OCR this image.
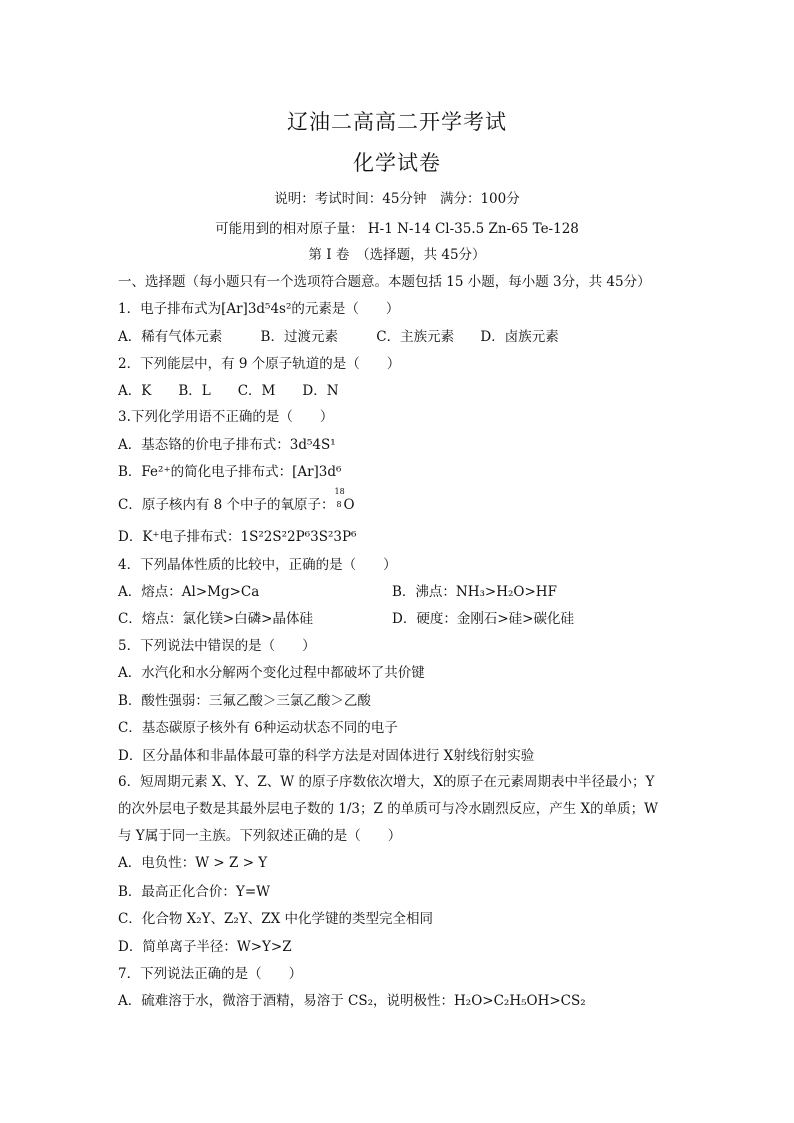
辽油二高高二开学考试
化学试卷
说明：考试时间：45分钟　满分：100分
可能用到的相对原子量： H-1 N-14 Cl-35.5 Zn-65 Te-128
第 I 卷　（选择题，共 45分）
一、选择题（每小题只有一个选项符合题意。本题包括 15 小题，每小题 3分，共 45分）
1．电子排布式为[Ar]3d⁵4s²的元素是（　　）
A．稀有气体元素	B．过渡元素	C．主族元素 D．卤族元素
2．下列能层中，有 9 个原子轨道的是（　　）
A．K　　B．L　　C．M　　D．N
3.下列化学用语不正确的是（　　）
A．基态铬的价电子排布式：3d⁵4S¹
B．Fe²⁺的简化电子排布式：[Ar]3d⁶
C．原子核内有 8 个中子的氧原子：
18
8 O
D．K⁺电子排布式：1S²2S²2P⁶3S²3P⁶
4．下列晶体性质的比较中，正确的是（　　）
A．熔点：Al>Mg>Ca	B．沸点：NH₃>H₂O>HF
C．熔点：氯化镁>白磷>晶体硅	D．硬度：金刚石>硅>碳化硅
5．下列说法中错误的是（　　）
A．水汽化和水分解两个变化过程中都破坏了共价键
B．酸性强弱：三氟乙酸＞三氯乙酸＞乙酸
C．基态碳原子核外有 6种运动状态不同的电子
D．区分晶体和非晶体最可靠的科学方法是对固体进行 X射线衍射实验
6．短周期元素 X、Y、Z、W 的原子序数依次增大，X的原子在元素周期表中半径最小；Y
的次外层电子数是其最外层电子数的 1/3；Z 的单质可与冷水剧烈反应，产生 X的单质；W
与 Y属于同一主族。下列叙述正确的是（　　）
A．电负性：W > Z > Y
B．最高正化合价：Y=W
C．化合物 X₂Y、Z₂Y、ZX 中化学键的类型完全相同
D．简单离子半径：W>Y>Z
7．下列说法正确的是（　　）
A．硫难溶于水，微溶于酒精，易溶于 CS₂，说明极性：H₂O>C₂H₅OH>CS₂
